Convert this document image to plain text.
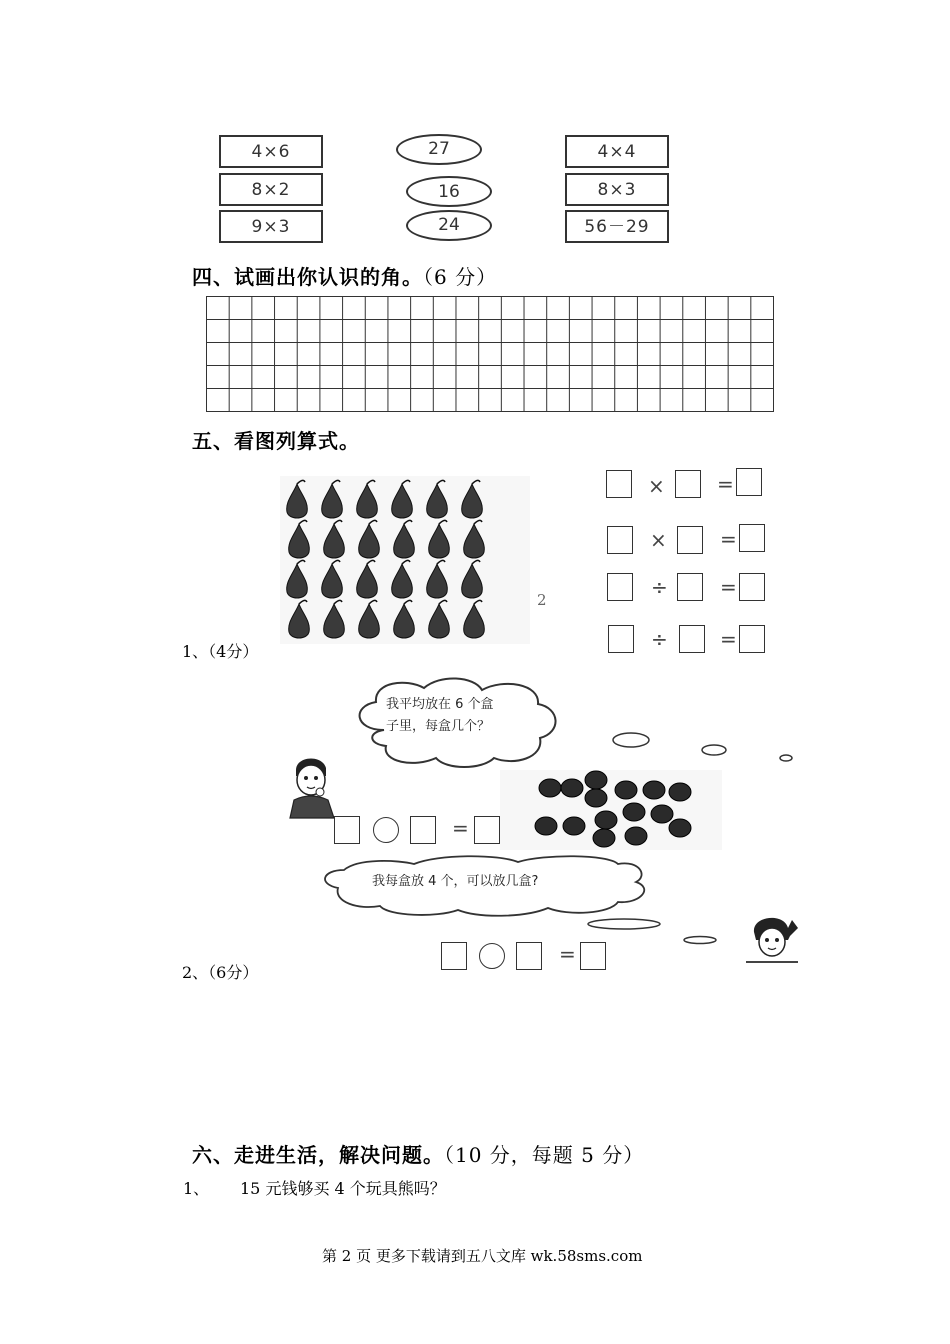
4×6
8×2
9×3
27
16
24
4×4
8×3
56－29
四、试画出你认识的角。（6 分）
五、看图列算式。
2
1、（4分）
×	=
×	=
÷	=
÷	=
我平均放在 6 个盒
子里，每盒几个？
=
我每盒放 4 个，可以放几盒?
=
2、（6分）
六、走进生活，解决问题。（10 分，每题 5 分）
1、 15 元钱够买 4 个玩具熊吗？
第 2 页 更多下载请到五八文库 wk.58sms.com
